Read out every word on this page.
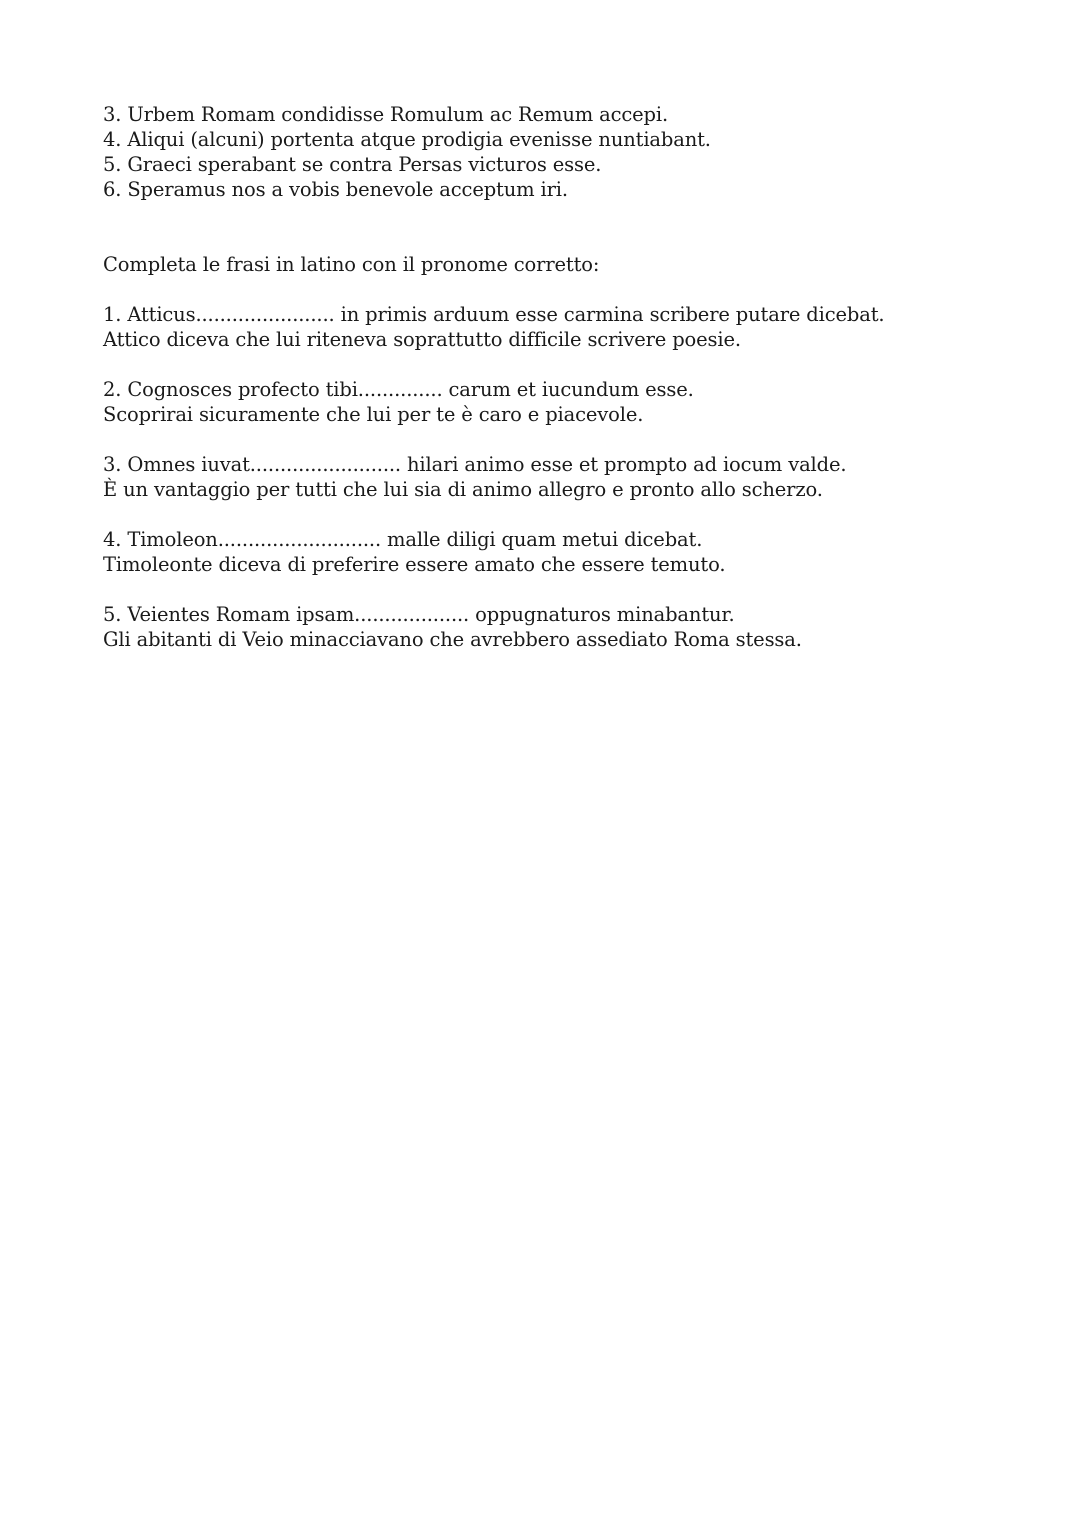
3. Urbem Romam condidisse Romulum ac Remum accepi.
4. Aliqui (alcuni) portenta atque prodigia evenisse nuntiabant.
5. Graeci sperabant se contra Persas victuros esse.
6. Speramus nos a vobis benevole acceptum iri.
Completa le frasi in latino con il pronome corretto:
1. Atticus....................... in primis arduum esse carmina scribere putare dicebat.
Attico diceva che lui riteneva soprattutto difficile scrivere poesie.
2. Cognosces profecto tibi.............. carum et iucundum esse.
Scoprirai sicuramente che lui per te è caro e piacevole.
3. Omnes iuvat......................... hilari animo esse et prompto ad iocum valde.
È un vantaggio per tutti che lui sia di animo allegro e pronto allo scherzo.
4. Timoleon........................... malle diligi quam metui dicebat.
Timoleonte diceva di preferire essere amato che essere temuto.
5. Veientes Romam ipsam................... oppugnaturos minabantur.
Gli abitanti di Veio minacciavano che avrebbero assediato Roma stessa.
